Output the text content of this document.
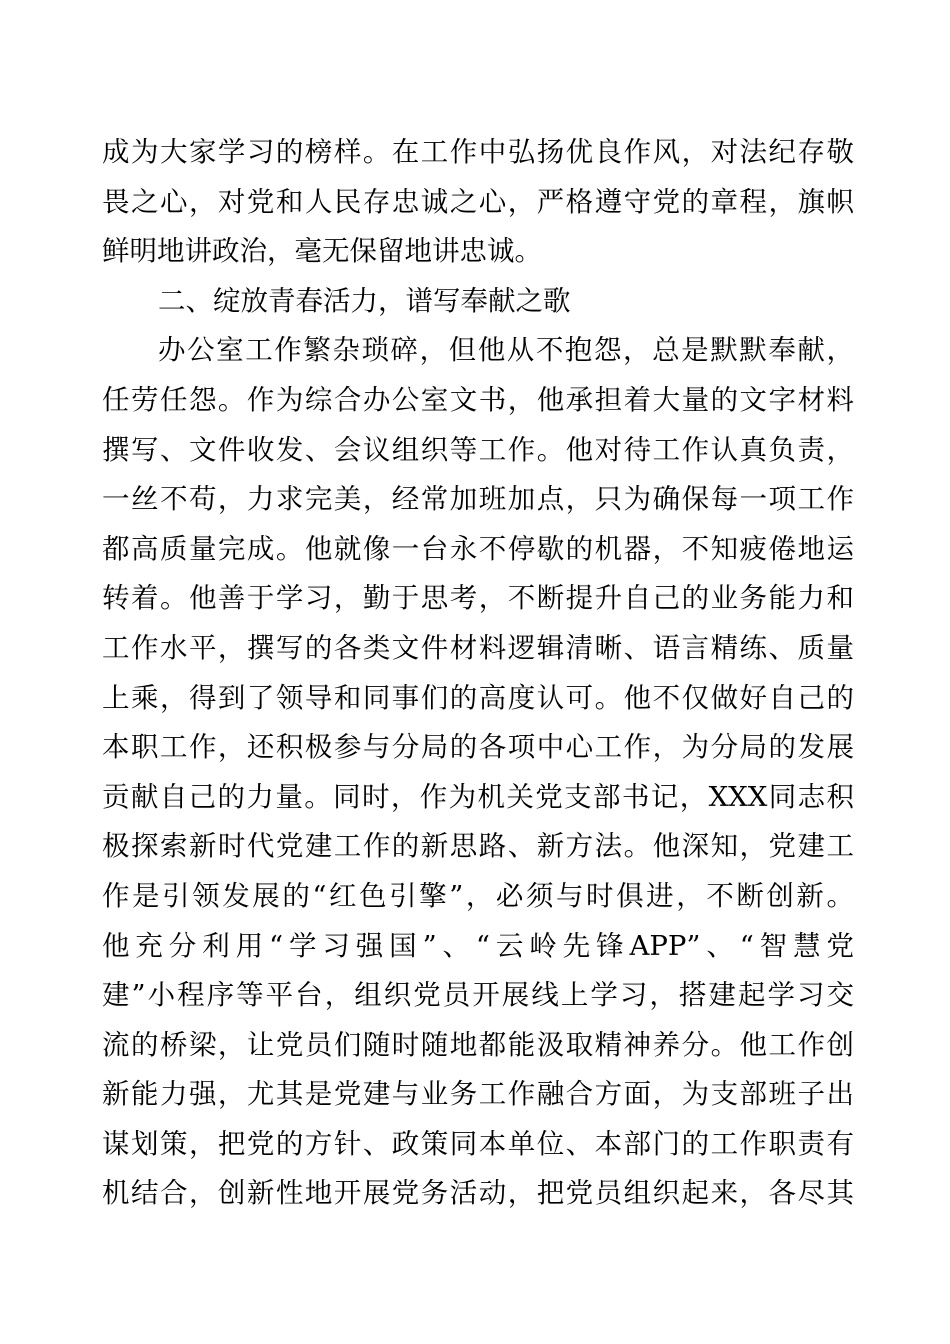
成为大家学习的榜样。在工作中弘扬优良作风，对法纪存敬
畏之心，对党和人民存忠诚之心，严格遵守党的章程，旗帜
鲜明地讲政治，毫无保留地讲忠诚。
二、绽放青春活力，谱写奉献之歌
办公室工作繁杂琐碎，但他从不抱怨，总是默默奉献，
任劳任怨。作为综合办公室文书，他承担着大量的文字材料
撰写、文件收发、会议组织等工作。他对待工作认真负责，
一丝不苟，力求完美，经常加班加点，只为确保每一项工作
都高质量完成。他就像一台永不停歇的机器，不知疲倦地运
转着。他善于学习，勤于思考，不断提升自己的业务能力和
工作水平，撰写的各类文件材料逻辑清晰、语言精练、质量
上乘，得到了领导和同事们的高度认可。他不仅做好自己的
本职工作，还积极参与分局的各项中心工作，为分局的发展
贡献自己的力量。同时，作为机关党支部书记，XXX同志积
极探索新时代党建工作的新思路、新方法。他深知，党建工
作是引领发展的“红色引擎”，必须与时俱进，不断创新。
他充分利用“学习强国”、“云岭先锋APP”、“智慧党
建”小程序等平台，组织党员开展线上学习，搭建起学习交
流的桥梁，让党员们随时随地都能汲取精神养分。他工作创
新能力强，尤其是党建与业务工作融合方面，为支部班子出
谋划策，把党的方针、政策同本单位、本部门的工作职责有
机结合，创新性地开展党务活动，把党员组织起来，各尽其
